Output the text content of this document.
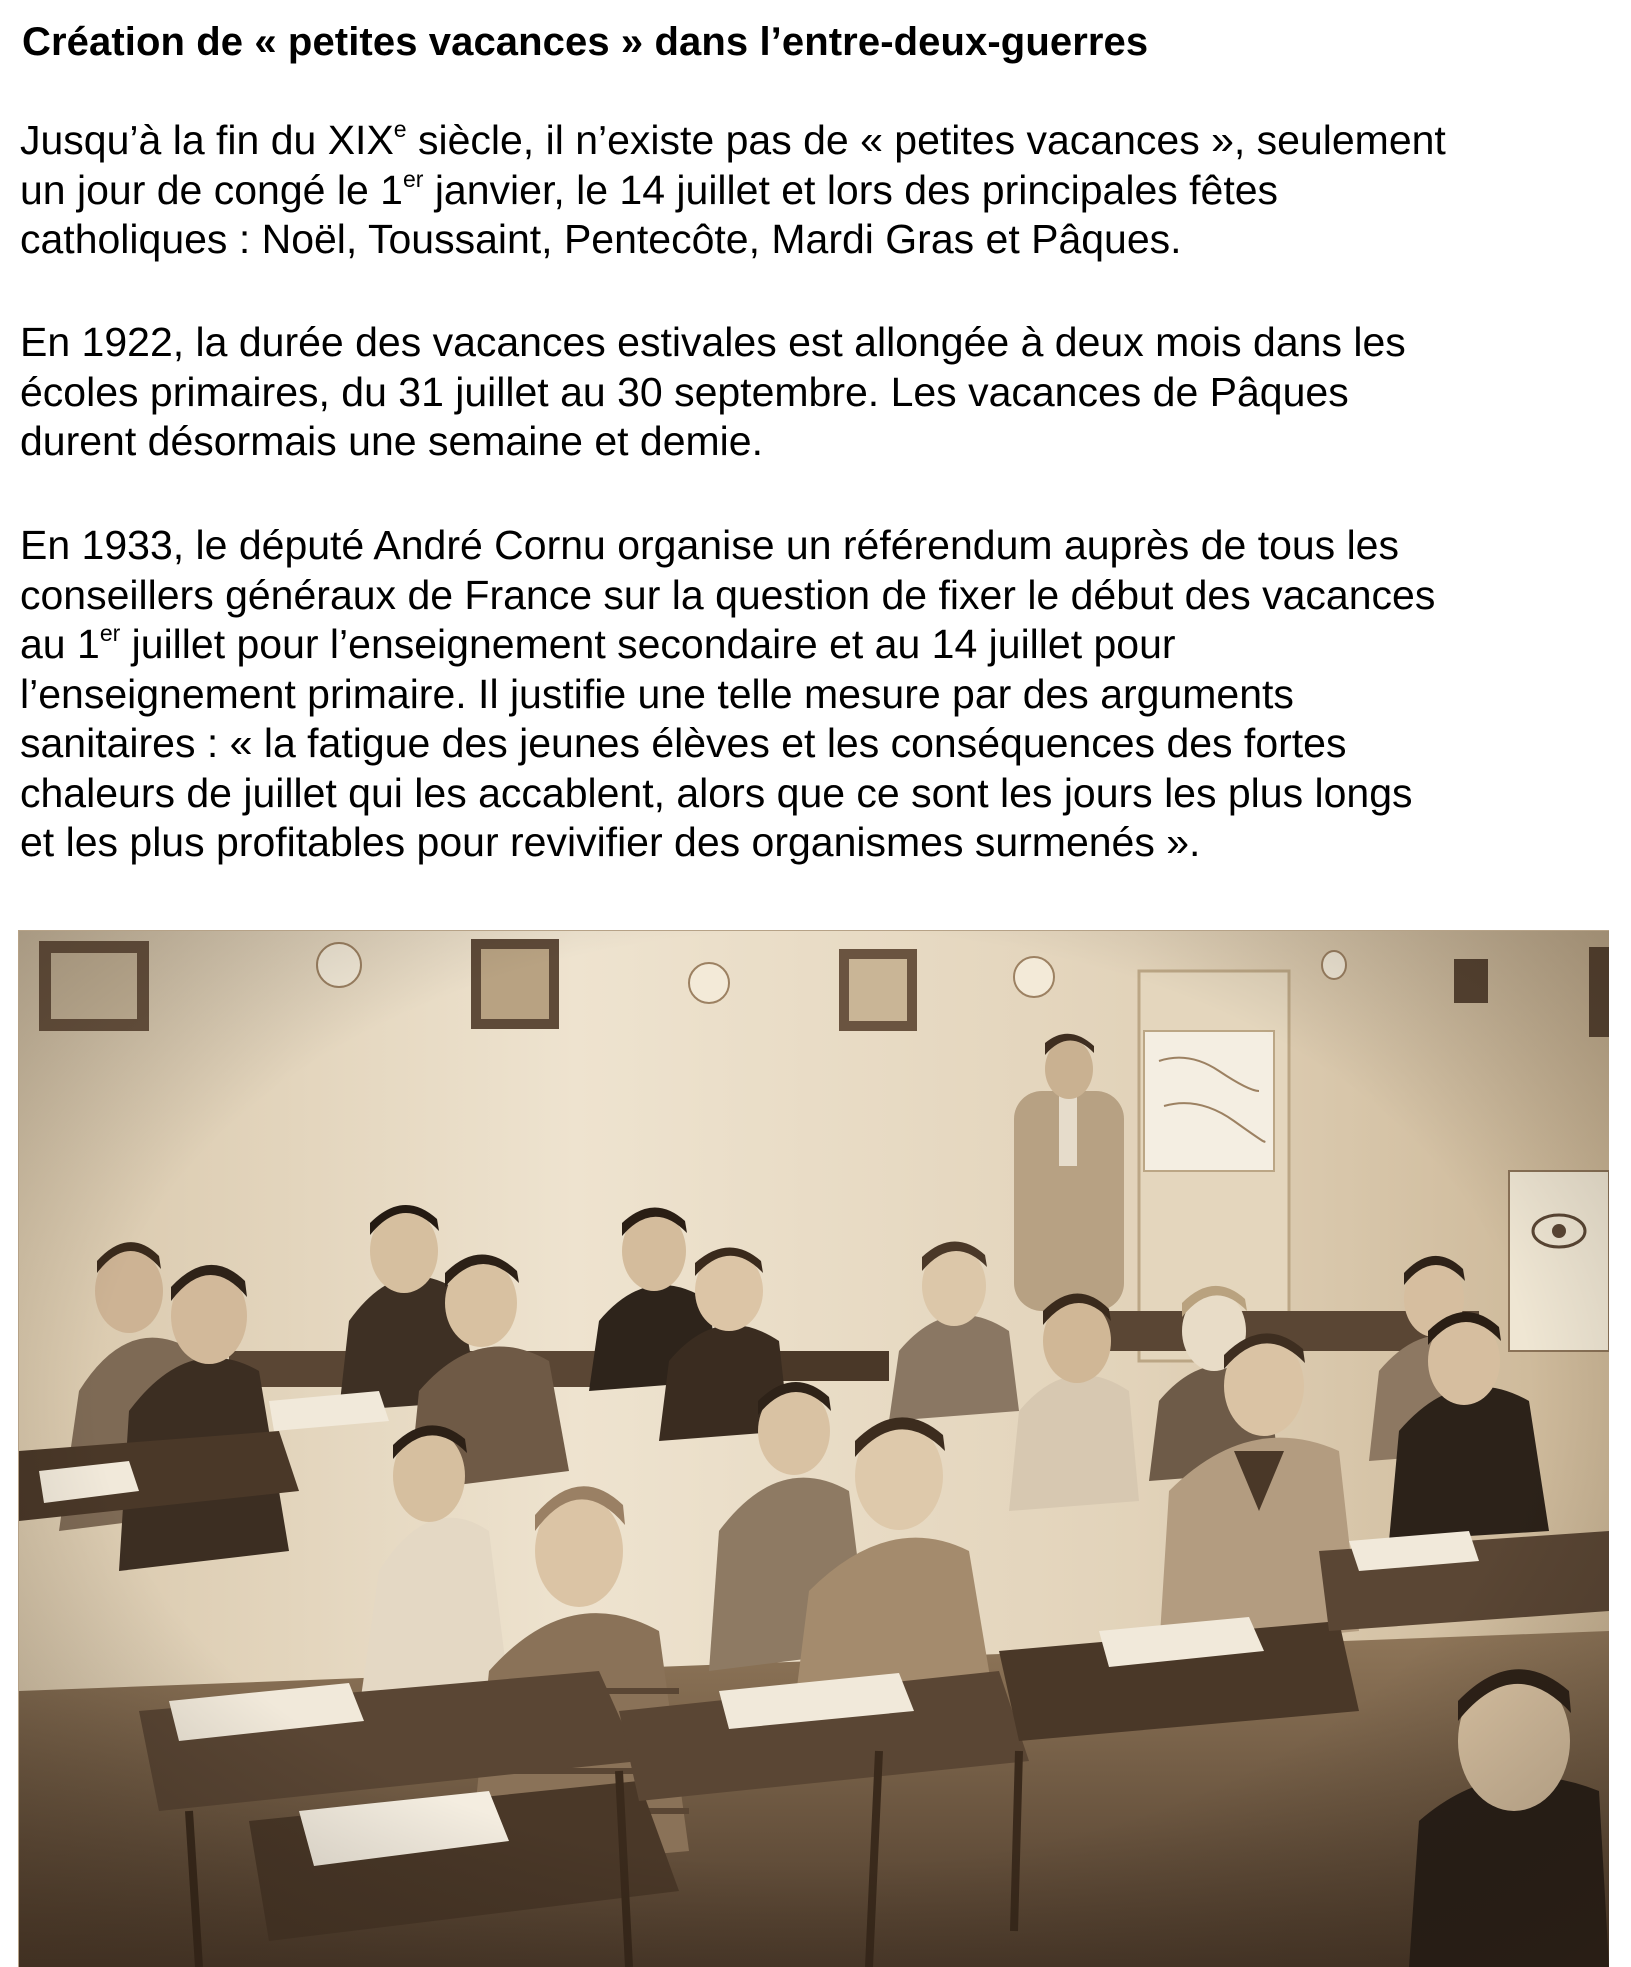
Création de « petites vacances » dans l’entre-deux-guerres

Jusqu’à la fin du XIXe siècle, il n’existe pas de « petites vacances », seulement
un jour de congé le 1er janvier, le 14 juillet et lors des principales fêtes
catholiques : Noël, Toussaint, Pentecôte, Mardi Gras et Pâques.

En 1922, la durée des vacances estivales est allongée à deux mois dans les
écoles primaires, du 31 juillet au 30 septembre. Les vacances de Pâques
durent désormais une semaine et demie.

En 1933, le député André Cornu organise un référendum auprès de tous les
conseillers généraux de France sur la question de fixer le début des vacances
au 1er juillet pour l’enseignement secondaire et au 14 juillet pour
l’enseignement primaire. Il justifie une telle mesure par des arguments
sanitaires : « la fatigue des jeunes élèves et les conséquences des fortes
chaleurs de juillet qui les accablent, alors que ce sont les jours les plus longs
et les plus profitables pour revivifier des organismes surmenés ».
